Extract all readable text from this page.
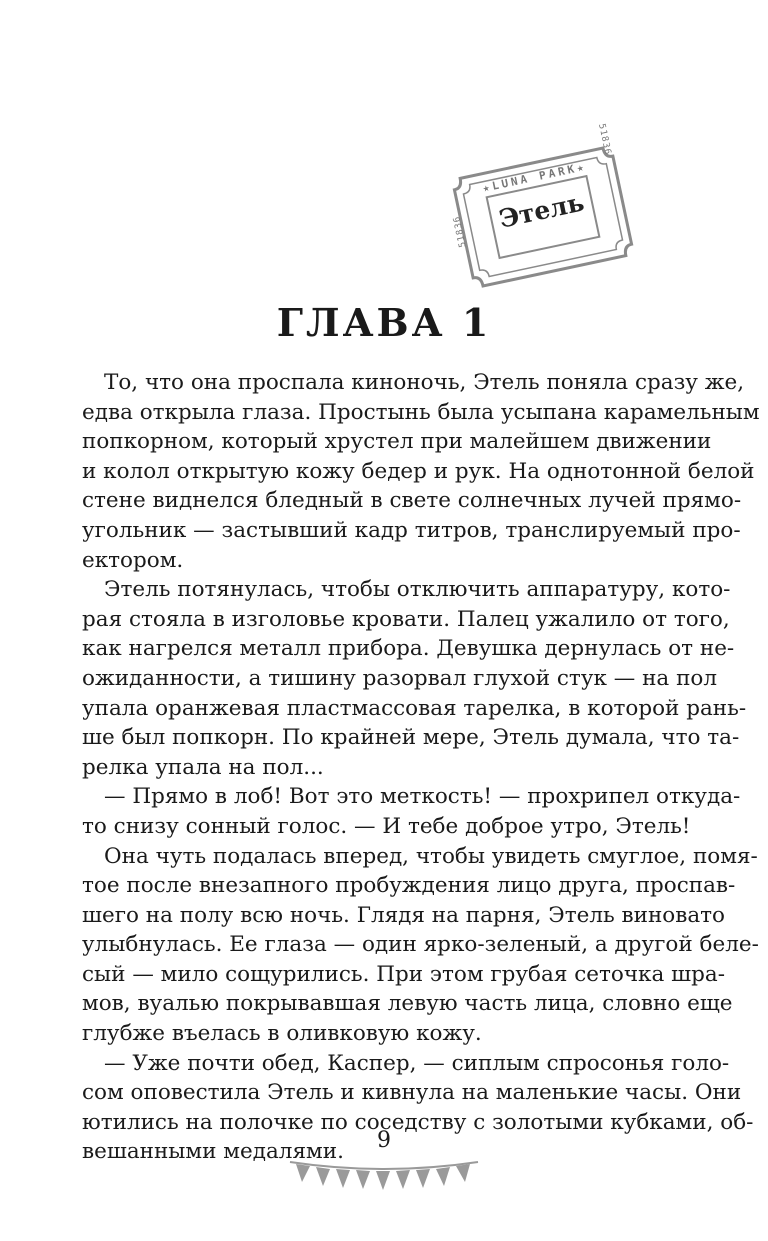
★LUNA PARK★
Этель
51836
51836
ГЛАВА 1
То, что она проспала киноночь, Этель поняла сразу же,
едва открыла глаза. Простынь была усыпана карамельным
попкорном, который хрустел при малейшем движении
и колол открытую кожу бедер и рук. На однотонной белой
стене виднелся бледный в свете солнечных лучей прямо-
угольник — застывший кадр титров, транслируемый про-
ектором.
Этель потянулась, чтобы отключить аппаратуру, кото-
рая стояла в изголовье кровати. Палец ужалило от того,
как нагрелся металл прибора. Девушка дернулась от не-
ожиданности, а тишину разорвал глухой стук — на пол
упала оранжевая пластмассовая тарелка, в которой рань-
ше был попкорн. По крайней мере, Этель думала, что та-
релка упала на пол...
— Прямо в лоб! Вот это меткость! — прохрипел откуда-
то снизу сонный голос. — И тебе доброе утро, Этель!
Она чуть подалась вперед, чтобы увидеть смуглое, помя-
тое после внезапного пробуждения лицо друга, проспав-
шего на полу всю ночь. Глядя на парня, Этель виновато
улыбнулась. Ее глаза — один ярко-зеленый, а другой беле-
сый — мило сощурились. При этом грубая сеточка шра-
мов, вуалью покрывавшая левую часть лица, словно еще
глубже въелась в оливковую кожу.
— Уже почти обед, Каспер, — сиплым спросонья голо-
сом оповестила Этель и кивнула на маленькие часы. Они
ютились на полочке по соседству с золотыми кубками, об-
вешанными медалями.	9
